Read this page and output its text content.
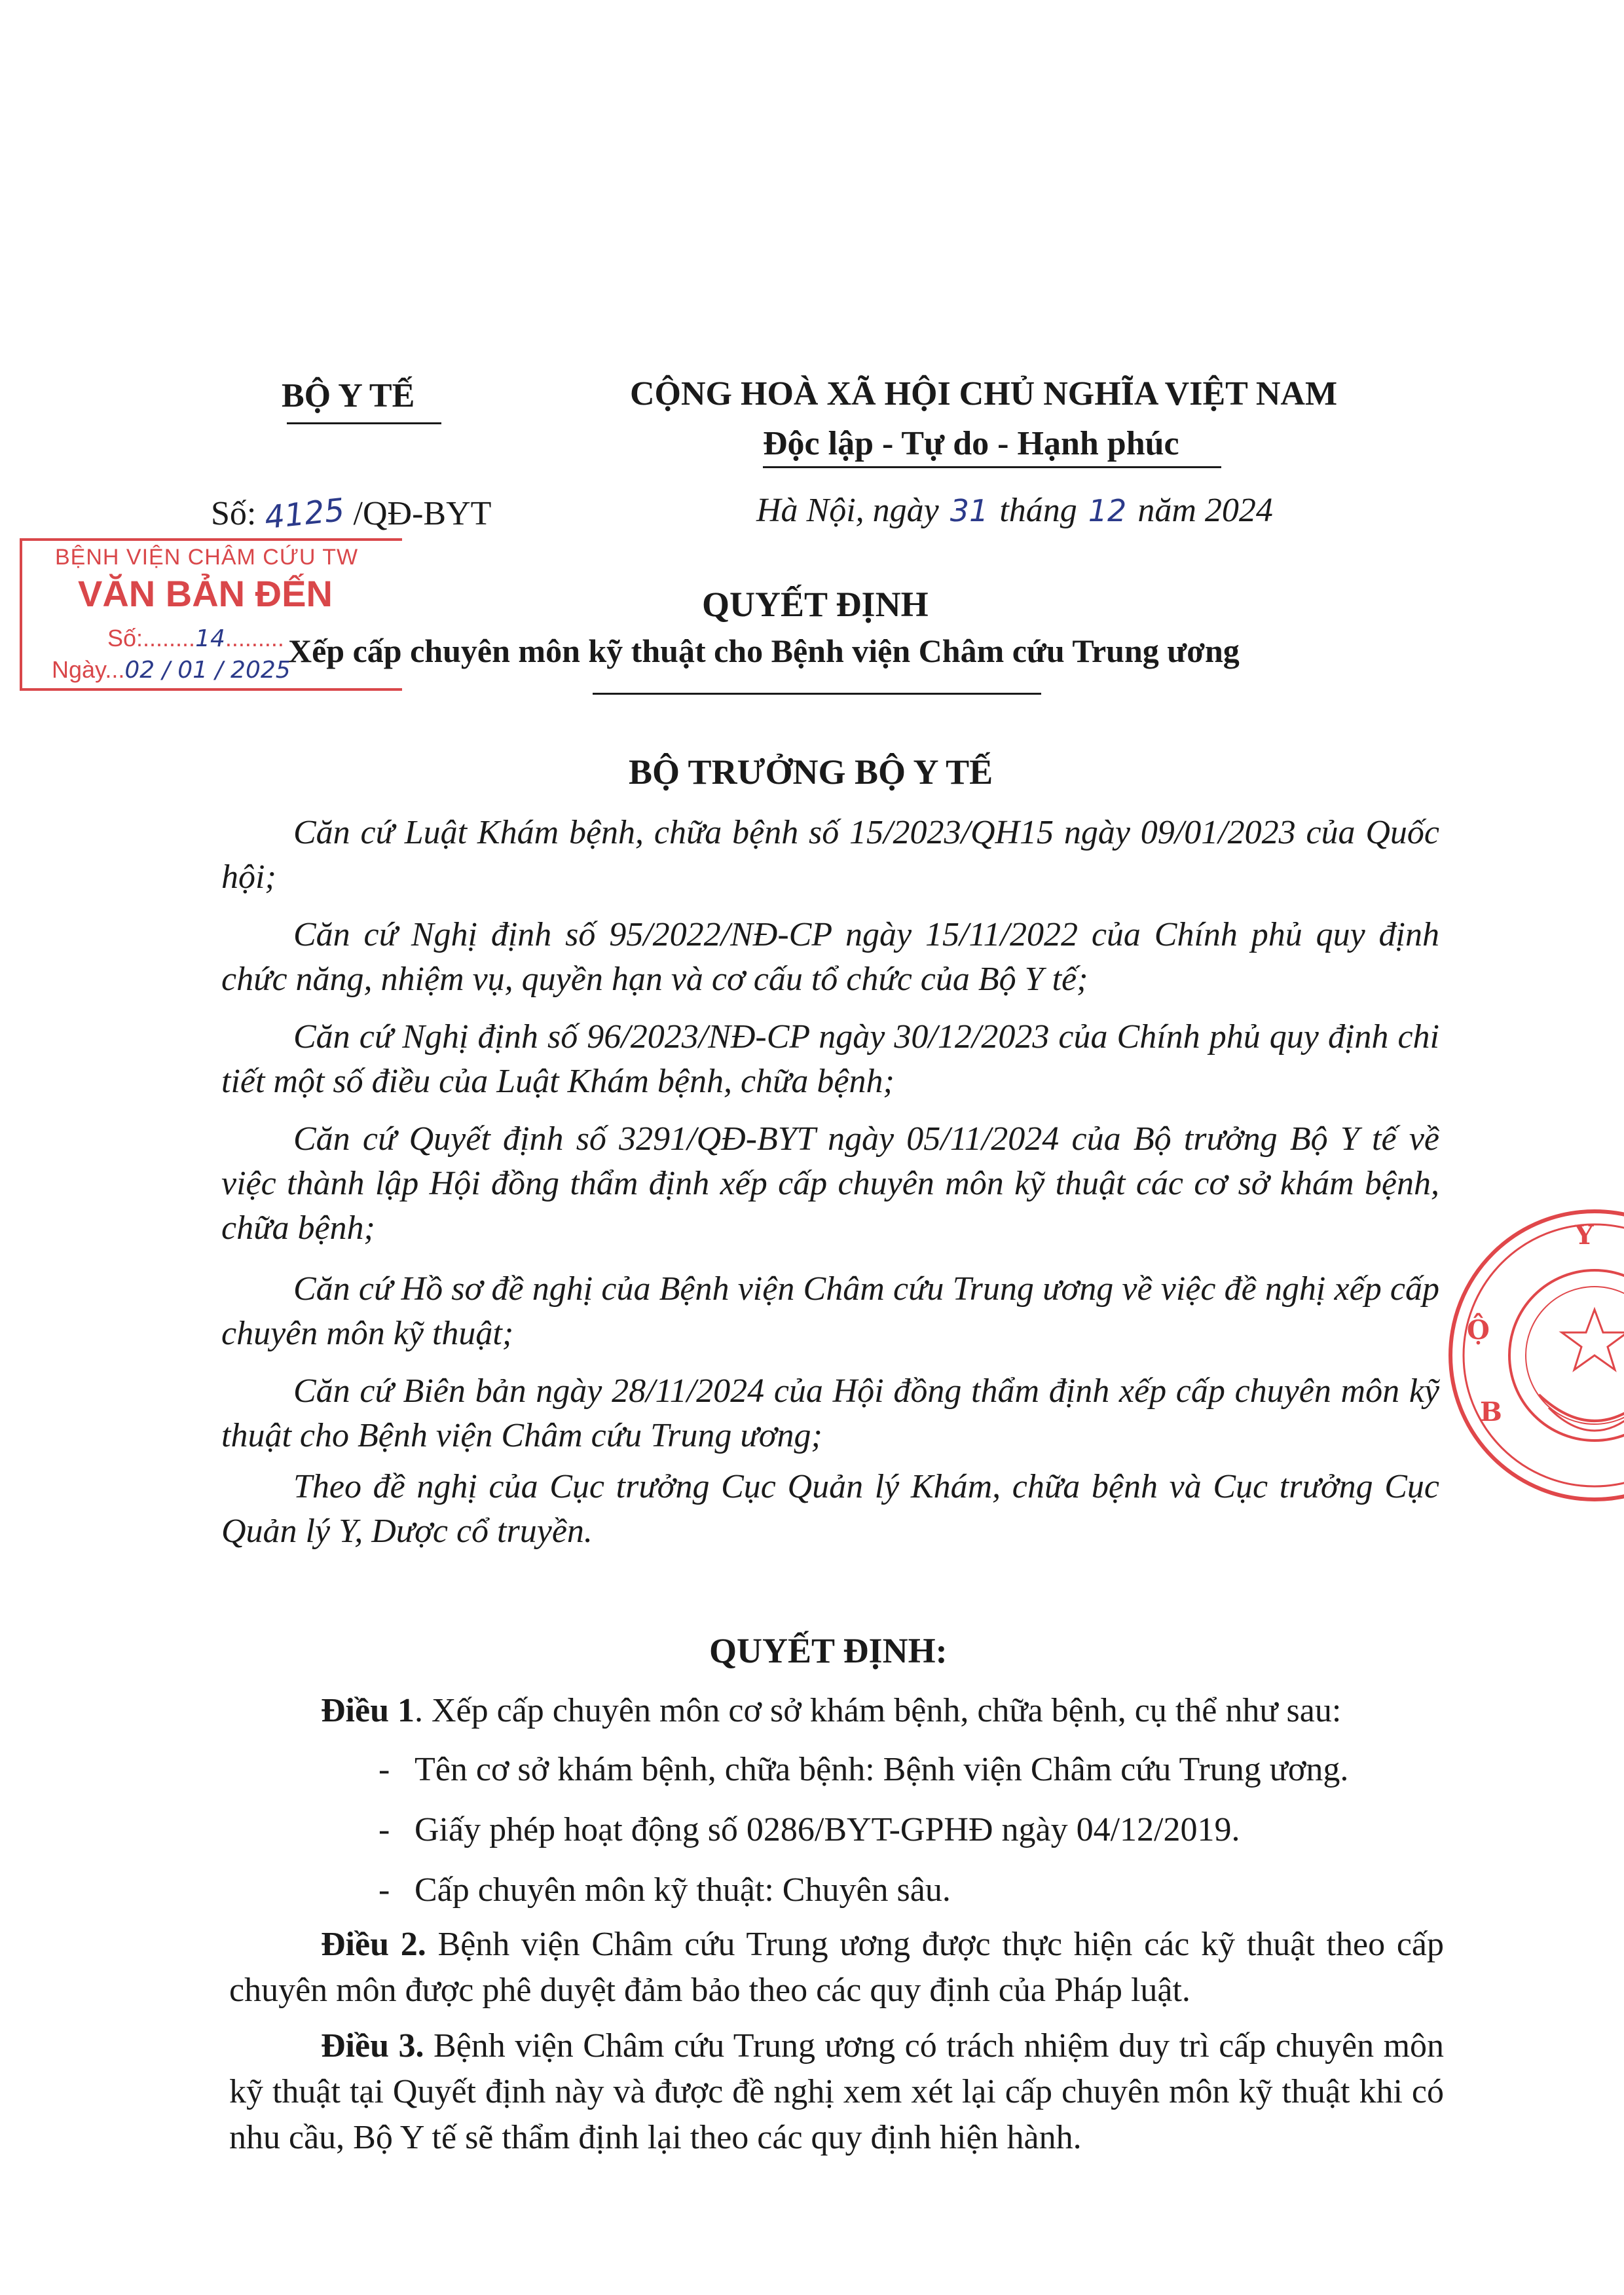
BỘ Y TẾ
Số: 4125 /QĐ-BYT
CỘNG HOÀ XÃ HỘI CHỦ NGHĨA VIỆT NAM
Độc lập - Tự do - Hạnh phúc
Hà Nội, ngày 31 tháng 12 năm 2024
BỆNH VIỆN CHÂM CỨU TW
VĂN BẢN ĐẾN
Số:........14.........
Ngày...02 / 01 / 2025
QUYẾT ĐỊNH
Xếp cấp chuyên môn kỹ thuật cho Bệnh viện Châm cứu Trung ương
BỘ TRƯỞNG BỘ Y TẾ
Căn cứ Luật Khám bệnh, chữa bệnh số 15/2023/QH15 ngày 09/01/2023 của Quốc hội;
Căn cứ Nghị định số 95/2022/NĐ-CP ngày 15/11/2022 của Chính phủ quy định chức năng, nhiệm vụ, quyền hạn và cơ cấu tổ chức của Bộ Y tế;
Căn cứ Nghị định số 96/2023/NĐ-CP ngày 30/12/2023 của Chính phủ quy định chi tiết một số điều của Luật Khám bệnh, chữa bệnh;
Căn cứ Quyết định số 3291/QĐ-BYT ngày 05/11/2024 của Bộ trưởng Bộ Y tế về việc thành lập Hội đồng thẩm định xếp cấp chuyên môn kỹ thuật các cơ sở khám bệnh, chữa bệnh;
Căn cứ Hồ sơ đề nghị của Bệnh viện Châm cứu Trung ương về việc đề nghị xếp cấp chuyên môn kỹ thuật;
Căn cứ Biên bản ngày 28/11/2024 của Hội đồng thẩm định xếp cấp chuyên môn kỹ thuật cho Bệnh viện Châm cứu Trung ương;
Theo đề nghị của Cục trưởng Cục Quản lý Khám, chữa bệnh và Cục trưởng Cục Quản lý Y, Dược cổ truyền.
QUYẾT ĐỊNH:
Điều 1. Xếp cấp chuyên môn cơ sở khám bệnh, chữa bệnh, cụ thể như sau:
- Tên cơ sở khám bệnh, chữa bệnh: Bệnh viện Châm cứu Trung ương.
- Giấy phép hoạt động số 0286/BYT-GPHĐ ngày 04/12/2019.
- Cấp chuyên môn kỹ thuật: Chuyên sâu.
Điều 2. Bệnh viện Châm cứu Trung ương được thực hiện các kỹ thuật theo cấp chuyên môn được phê duyệt đảm bảo theo các quy định của Pháp luật.
Điều 3. Bệnh viện Châm cứu Trung ương có trách nhiệm duy trì cấp chuyên môn kỹ thuật tại Quyết định này và được đề nghị xem xét lại cấp chuyên môn kỹ thuật khi có nhu cầu, Bộ Y tế sẽ thẩm định lại theo các quy định hiện hành.
Y
Ộ
B
